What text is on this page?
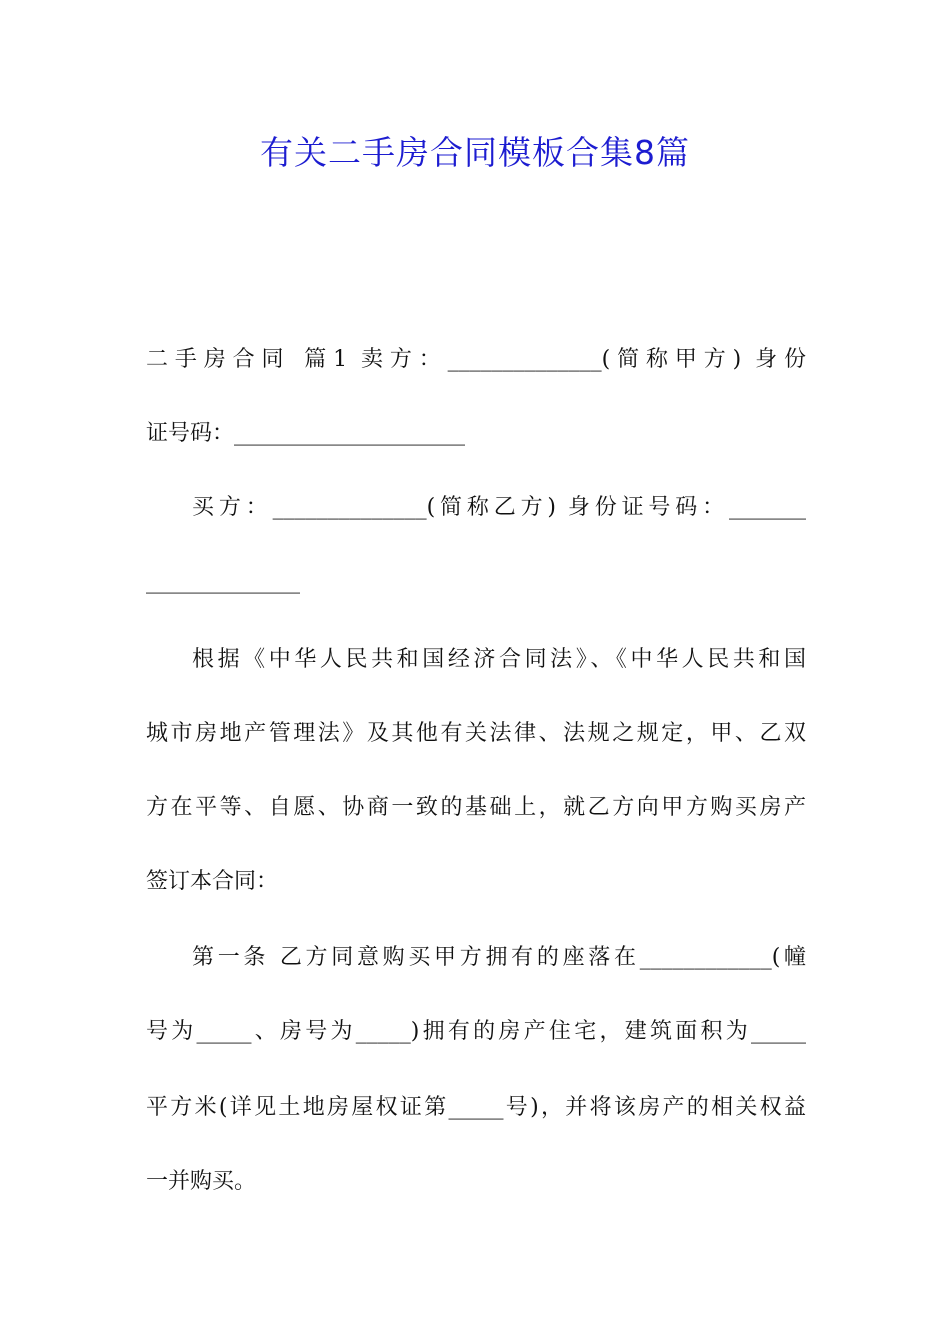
有关二手房合同模板合集8篇
二手房合同 篇1 卖方：______________(简称甲方) 身份
证号码：_____________________
买方：______________(简称乙方) 身份证号码：_______
______________
根据《中华人民共和国经济合同法》、《中华人民共和国
城市房地产管理法》及其他有关法律、法规之规定，甲、乙双
方在平等、自愿、协商一致的基础上，就乙方向甲方购买房产
签订本合同：
第一条 乙方同意购买甲方拥有的座落在____________(幢
号为_____、房号为_____)拥有的房产住宅，建筑面积为_____
平方米(详见土地房屋权证第_____号)，并将该房产的相关权益
一并购买。
